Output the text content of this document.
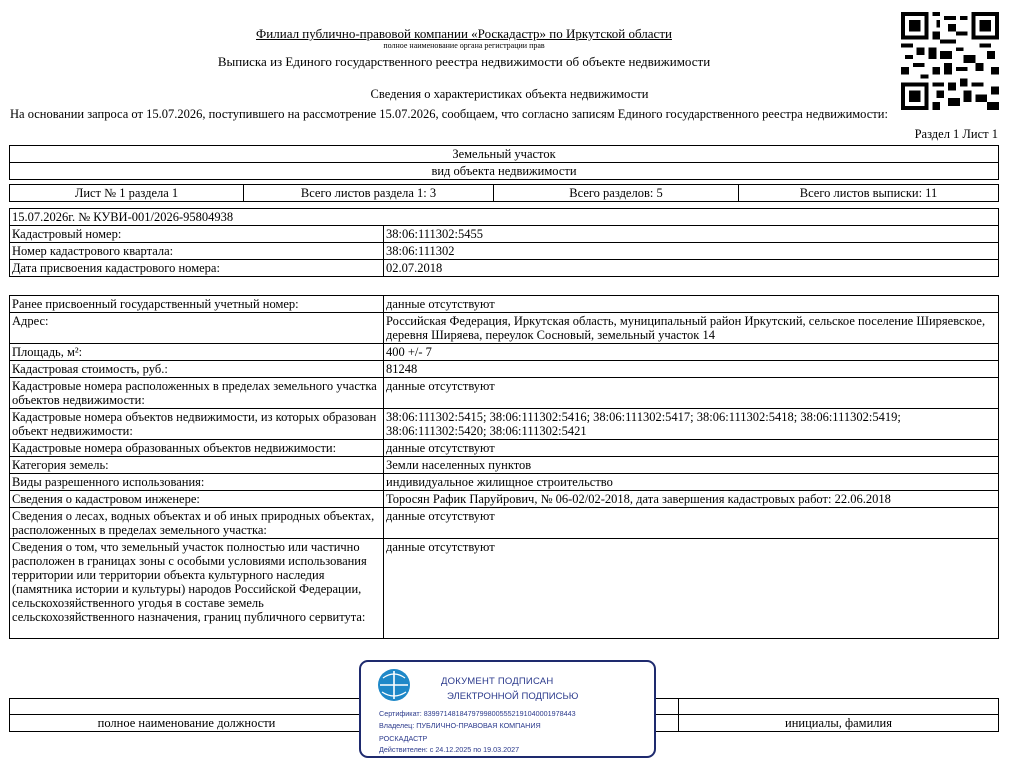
Филиал публично-правовой компании «Роскадастр» по Иркутской области
полное наименование органа регистрации прав
Выписка из Единого государственного реестра недвижимости об объекте недвижимости
Сведения о характеристиках объекта недвижимости
На основании запроса от 15.07.2026, поступившего на рассмотрение 15.07.2026, сообщаем, что согласно записям Единого государственного реестра недвижимости:
Раздел 1 Лист 1
Земельный участок
вид объекта недвижимости
Лист № 1 раздела 1	Всего листов раздела 1: 3	Всего разделов: 5	Всего листов выписки: 11
15.07.2026г. № КУВИ-001/2026-95804938	
Кадастровый номер:	38:06:111302:5455
Номер кадастрового квартала:	38:06:111302
Дата присвоения кадастрового номера:	02.07.2018
Ранее присвоенный государственный учетный номер:	данные отсутствуют
Адрес:	Российская Федерация, Иркутская область, муниципальный район Иркутский, сельское поселение Ширяевское, деревня Ширяева, переулок Сосновый, земельный участок 14
Площадь, м²:	400 +/- 7
Кадастровая стоимость, руб.:	81248
Кадастровые номера расположенных в пределах земельного участка объектов недвижимости:	данные отсутствуют
Кадастровые номера объектов недвижимости, из которых образован объект недвижимости:	38:06:111302:5415; 38:06:111302:5416; 38:06:111302:5417; 38:06:111302:5418; 38:06:111302:5419; 38:06:111302:5420; 38:06:111302:5421
Кадастровые номера образованных объектов недвижимости:	данные отсутствуют
Категория земель:	Земли населенных пунктов
Виды разрешенного использования:	индивидуальное жилищное строительство
Сведения о кадастровом инженере:	Торосян Рафик Паруйрович, № 06-02/02-2018, дата завершения кадастровых работ: 22.06.2018
Сведения о лесах, водных объектах и об иных природных объектах, расположенных в пределах земельного участка:	данные отсутствуют
Сведения о том, что земельный участок полностью или частично расположен в границах зоны с особыми условиями использования территории или территории объекта культурного наследия (памятника истории и культуры) народов Российской Федерации, сельскохозяйственного угодья в составе земель сельскохозяйственного назначения, границ публичного сервитута:	данные отсутствуют

полное наименование должности		инициалы, фамилия
ДОКУМЕНТ ПОДПИСАН
ЭЛЕКТРОННОЙ ПОДПИСЬЮ
Сертификат: 83997148184797998005552191040001978443
Владелец: ПУБЛИЧНО-ПРАВОВАЯ КОМПАНИЯ
РОСКАДАСТР
Действителен: с 24.12.2025 по 19.03.2027
